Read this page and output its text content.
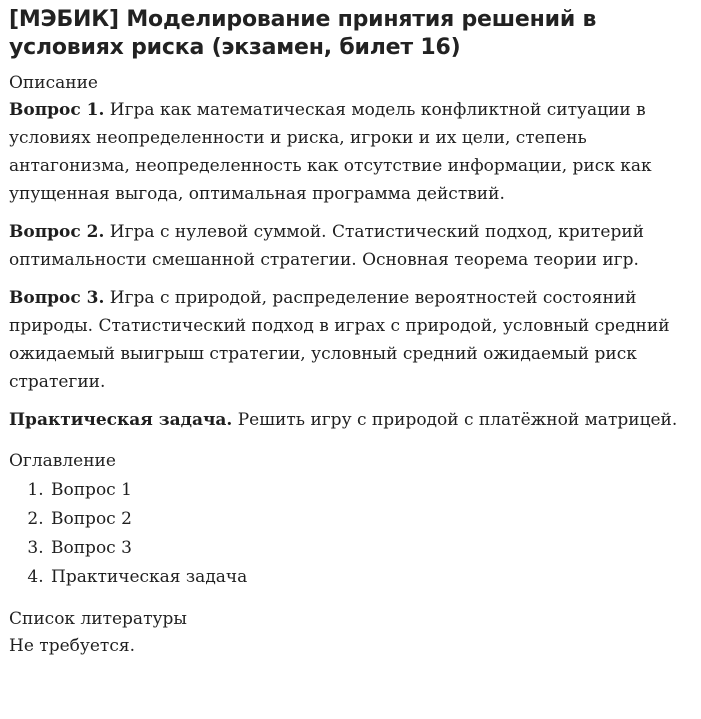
[МЭБИК] Моделирование принятия решений в условиях риска (экзамен, билет 16)
Описание

Вопрос 1. Игра как математическая модель конфликтной ситуации в условиях неопределенности и риска, игроки и их цели, степень антагонизма, неопределенность как отсутствие информации, риск как упущенная выгода, оптимальная программа действий.

Вопрос 2. Игра с нулевой суммой. Статистический подход, критерий оптимальности смешанной стратегии. Основная теорема теории игр.

Вопрос 3. Игра с природой, распределение вероятностей состояний природы. Статистический подход в играх с природой, условный средний ожидаемый выигрыш стратегии, условный средний ожидаемый риск стратегии.

Практическая задача. Решить игру с природой с платёжной матрицей.

Оглавление
1. Вопрос 1
2. Вопрос 2
3. Вопрос 3
4. Практическая задача
Список литературы

Не требуется.
